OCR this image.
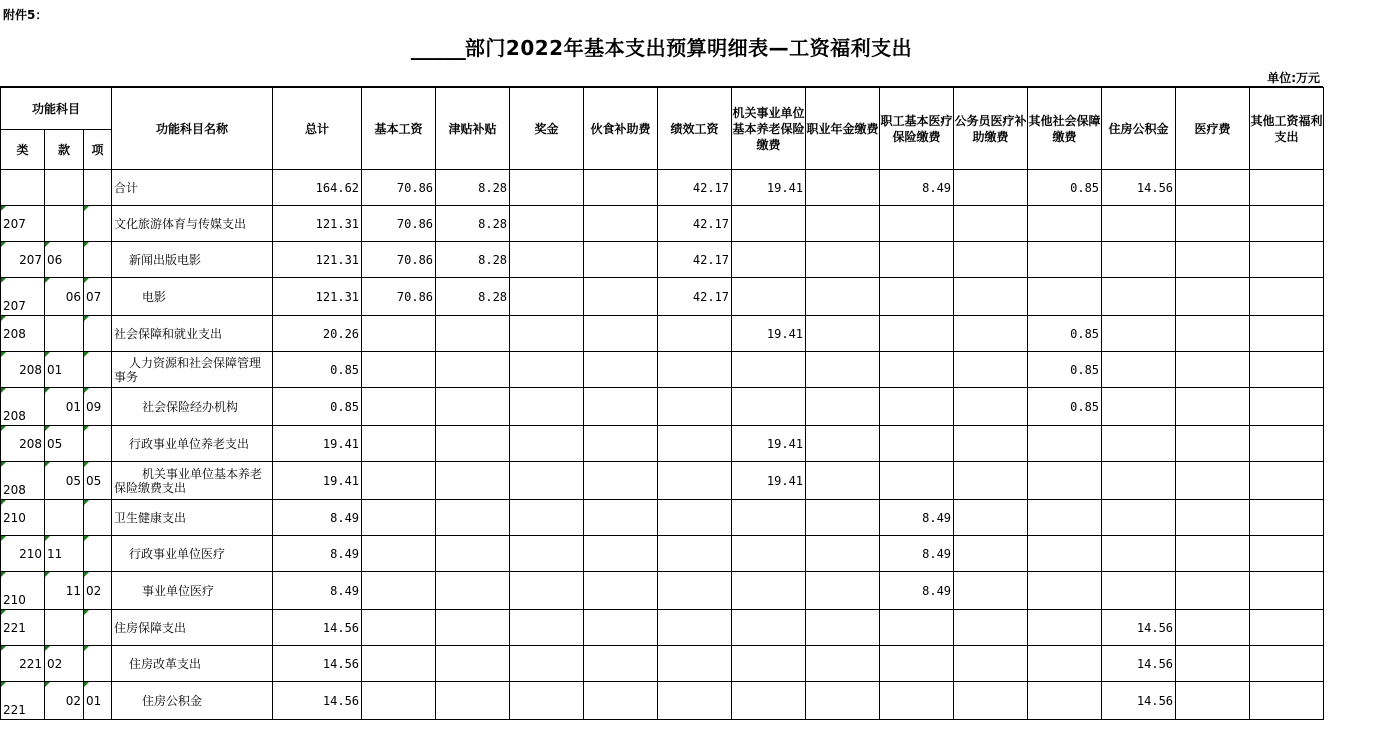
附件5：
______部门2022年基本支出预算明细表—工资福利支出
单位:万元
功能科目			功能科目名称	总计	基本工资	津贴补贴	奖金	伙食补助费	绩效工资	机关事业单位基本养老保险缴费	职业年金缴费	职工基本医疗保险缴费	公务员医疗补助缴费	其他社会保障缴费	住房公积金	医疗费	其他工资福利支出
类	款	项															

			合计	164.62	70.86	8.28			42.17	19.41		8.49		0.85	14.56		

207			文化旅游体育与传媒支出	121.31	70.86	8.28			42.17								

207	06		新闻出版电影	121.31	70.86	8.28			42.17								

207	06	07	电影	121.31	70.86	8.28			42.17								

208			社会保障和就业支出	20.26						19.41				0.85			

208	01		人力资源和社会保障管理事务	0.85										0.85			

208	01	09	社会保险经办机构	0.85										0.85			

208	05		行政事业单位养老支出	19.41						19.41							

208	05	05	机关事业单位基本养老保险缴费支出	19.41						19.41							

210			卫生健康支出	8.49								8.49					

210	11		行政事业单位医疗	8.49								8.49					

210	11	02	事业单位医疗	8.49								8.49					

221			住房保障支出	14.56											14.56		

221	02		住房改革支出	14.56											14.56		

221	02	01	住房公积金	14.56											14.56		
